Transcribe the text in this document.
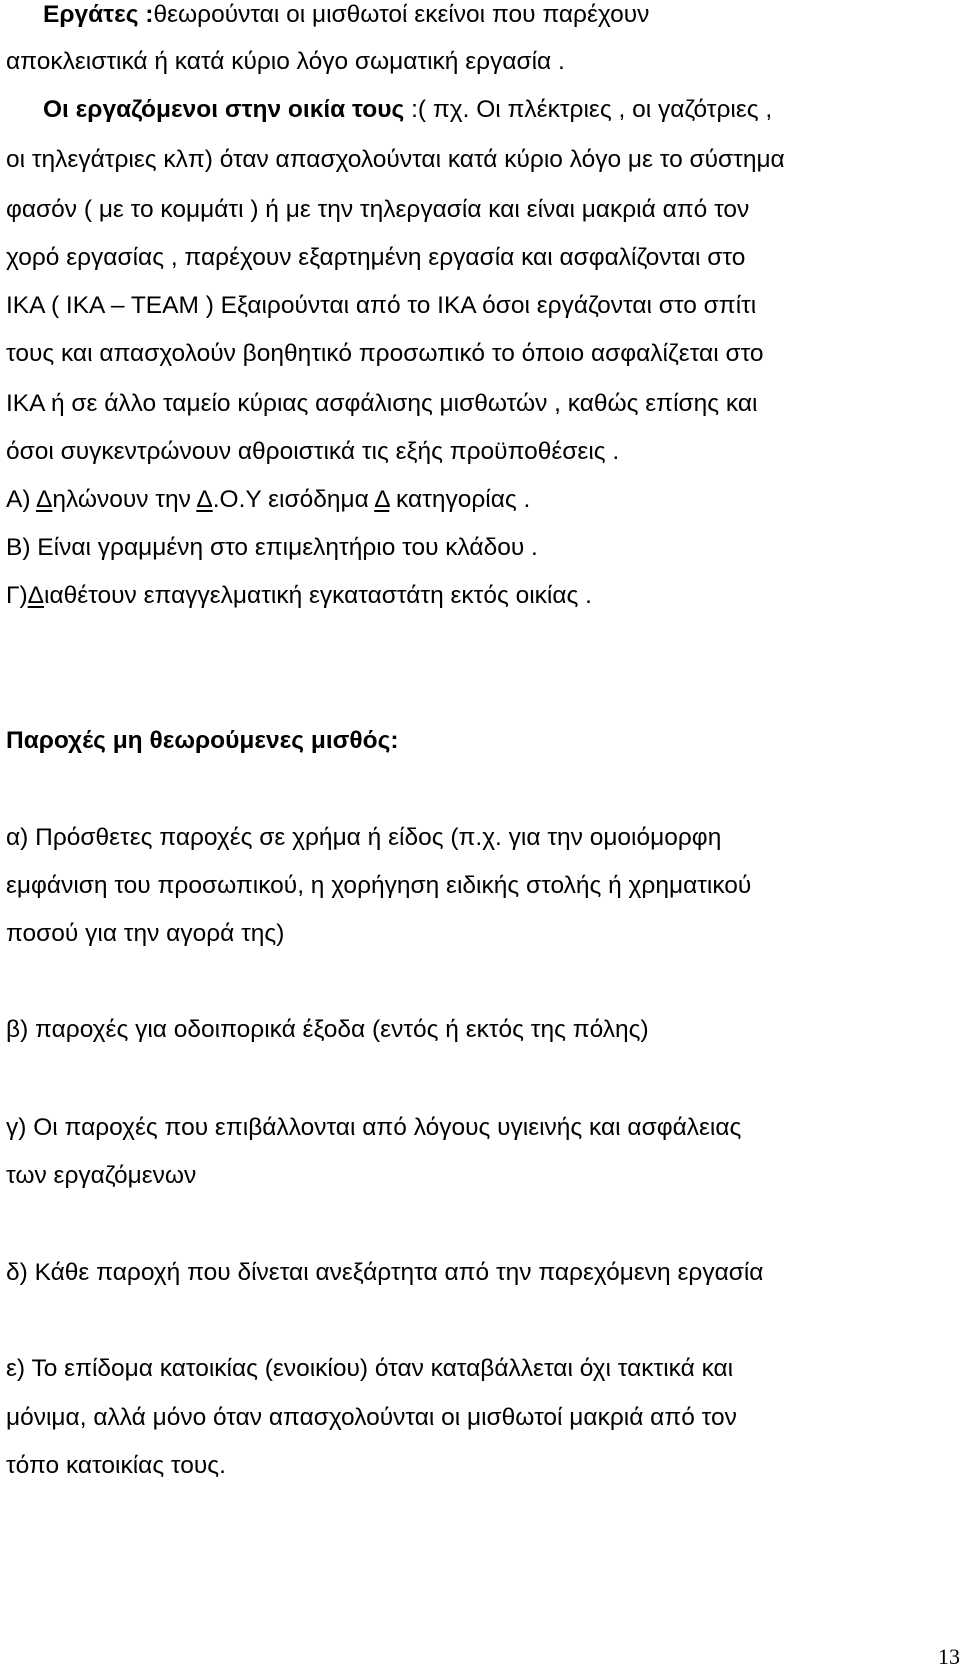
Εργάτες :θεωρούνται οι μισθωτοί εκείνοι που παρέχουν
αποκλειστικά ή κατά κύριο λόγο σωματική εργασία .
Οι εργαζόμενοι στην οικία τους :( πχ. Οι πλέκτριες , οι γαζότριες ,
οι τηλεγάτριες κλπ) όταν απασχολούνται κατά κύριο λόγο με το σύστημα
φασόν ( με το κομμάτι ) ή με την τηλεργασία και είναι μακριά από τον
χορό εργασίας , παρέχουν εξαρτημένη εργασία και ασφαλίζονται στο
ΙΚΑ ( ΙΚΑ – ΤΕΑΜ ) Εξαιρούνται από το ΙΚΑ όσοι εργάζονται στο σπίτι
τους και απασχολούν βοηθητικό προσωπικό το όποιο ασφαλίζεται στο
ΙΚΑ ή σε άλλο ταμείο κύριας ασφάλισης μισθωτών , καθώς επίσης και
όσοι συγκεντρώνουν αθροιστικά τις εξής προϋποθέσεις .
Α) Δηλώνουν την Δ.Ο.Υ εισόδημα Δ κατηγορίας .
Β) Είναι γραμμένη στο επιμελητήριο του κλάδου .
Γ)Διαθέτουν επαγγελματική εγκαταστάτη εκτός οικίας .
Παροχές μη θεωρούμενες μισθός:
α) Πρόσθετες παροχές σε χρήμα ή είδος (π.χ. για την ομοιόμορφη
εμφάνιση του προσωπικού, η χορήγηση ειδικής στολής ή χρηματικού
ποσού για την αγορά της)
β) παροχές για οδοιπορικά έξοδα (εντός ή εκτός της πόλης)
γ) Οι παροχές που επιβάλλονται από λόγους υγιεινής και ασφάλειας
των εργαζόμενων
δ) Κάθε παροχή που δίνεται ανεξάρτητα από την παρεχόμενη εργασία
ε) Το επίδομα κατοικίας (ενοικίου) όταν καταβάλλεται όχι τακτικά και
μόνιμα, αλλά μόνο όταν απασχολούνται οι μισθωτοί μακριά από τον
τόπο κατοικίας τους.
13
